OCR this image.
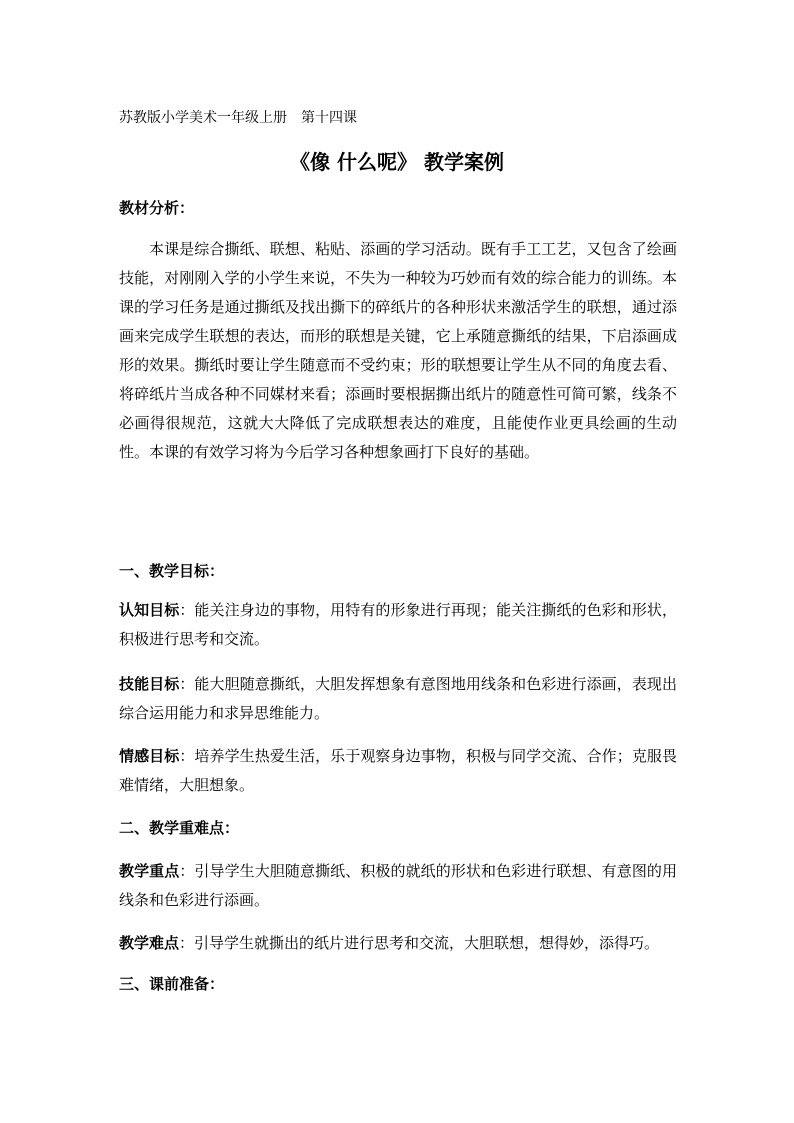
苏教版小学美术一年级上册　第十四课
《像 什么呢》 教学案例
教材分析：
本课是综合撕纸、联想、粘贴、添画的学习活动。既有手工工艺，又包含了绘画技能，对刚刚入学的小学生来说，不失为一种较为巧妙而有效的综合能力的训练。本课的学习任务是通过撕纸及找出撕下的碎纸片的各种形状来激活学生的联想，通过添画来完成学生联想的表达，而形的联想是关键，它上承随意撕纸的结果，下启添画成形的效果。撕纸时要让学生随意而不受约束；形的联想要让学生从不同的角度去看、将碎纸片当成各种不同媒材来看；添画时要根据撕出纸片的随意性可简可繁，线条不必画得很规范，这就大大降低了完成联想表达的难度，且能使作业更具绘画的生动性。本课的有效学习将为今后学习各种想象画打下良好的基础。
一、教学目标：
认知目标：能关注身边的事物，用特有的形象进行再现；能关注撕纸的色彩和形状，积极进行思考和交流。
技能目标：能大胆随意撕纸，大胆发挥想象有意图地用线条和色彩进行添画，表现出综合运用能力和求异思维能力。
情感目标：培养学生热爱生活，乐于观察身边事物，积极与同学交流、合作；克服畏难情绪，大胆想象。
二、教学重难点：
教学重点：引导学生大胆随意撕纸、积极的就纸的形状和色彩进行联想、有意图的用线条和色彩进行添画。
教学难点：引导学生就撕出的纸片进行思考和交流，大胆联想，想得妙，添得巧。
三、课前准备：
